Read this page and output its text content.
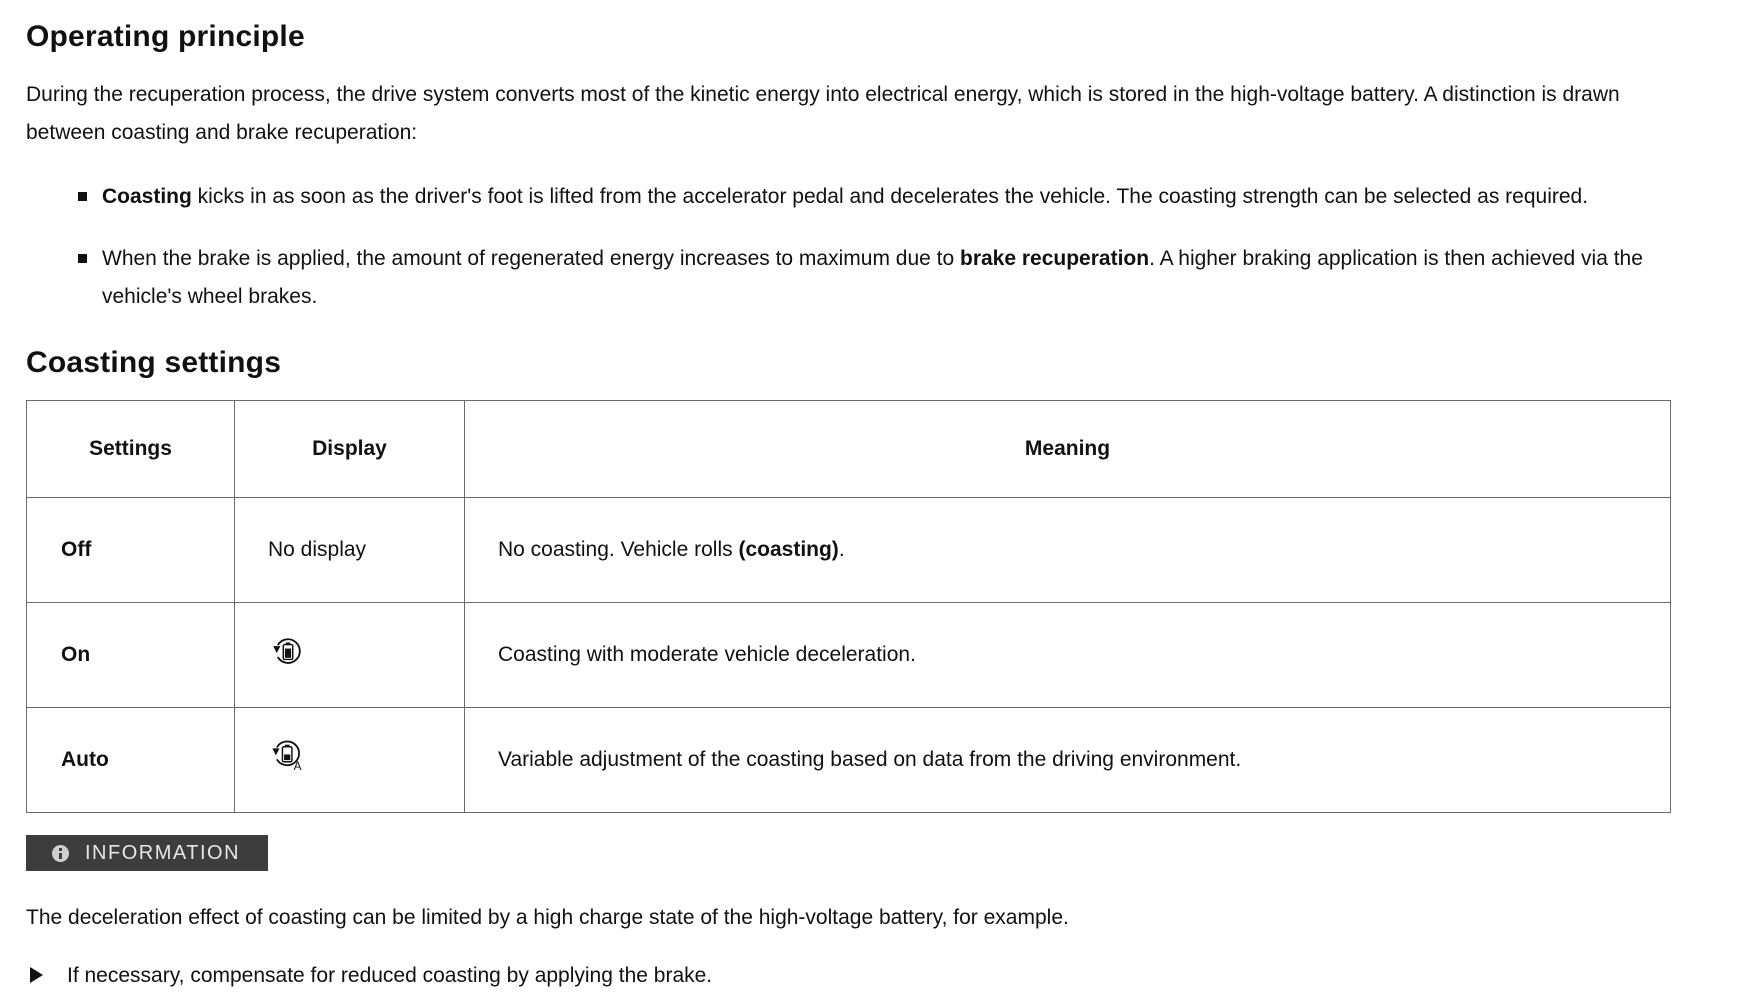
Operating principle

During the recuperation process, the drive system converts most of the kinetic energy into electrical energy, which is stored in the high-voltage battery. A distinction is drawn between coasting and brake recuperation:

Coasting kicks in as soon as the driver's foot is lifted from the accelerator pedal and decelerates the vehicle. The coasting strength can be selected as required.
When the brake is applied, the amount of regenerated energy increases to maximum due to brake recuperation. A higher braking application is then achieved via the vehicle's wheel brakes.
Coasting settings
Settings	Display	Meaning
Off	No display	No coasting. Vehicle rolls (coasting).
On		Coasting with moderate vehicle deceleration.
Auto	A	Variable adjustment of the coasting based on data from the driving environment.
INFORMATION

The deceleration effect of coasting can be limited by a high charge state of the high-voltage battery, for example.

If necessary, compensate for reduced coasting by applying the brake.
